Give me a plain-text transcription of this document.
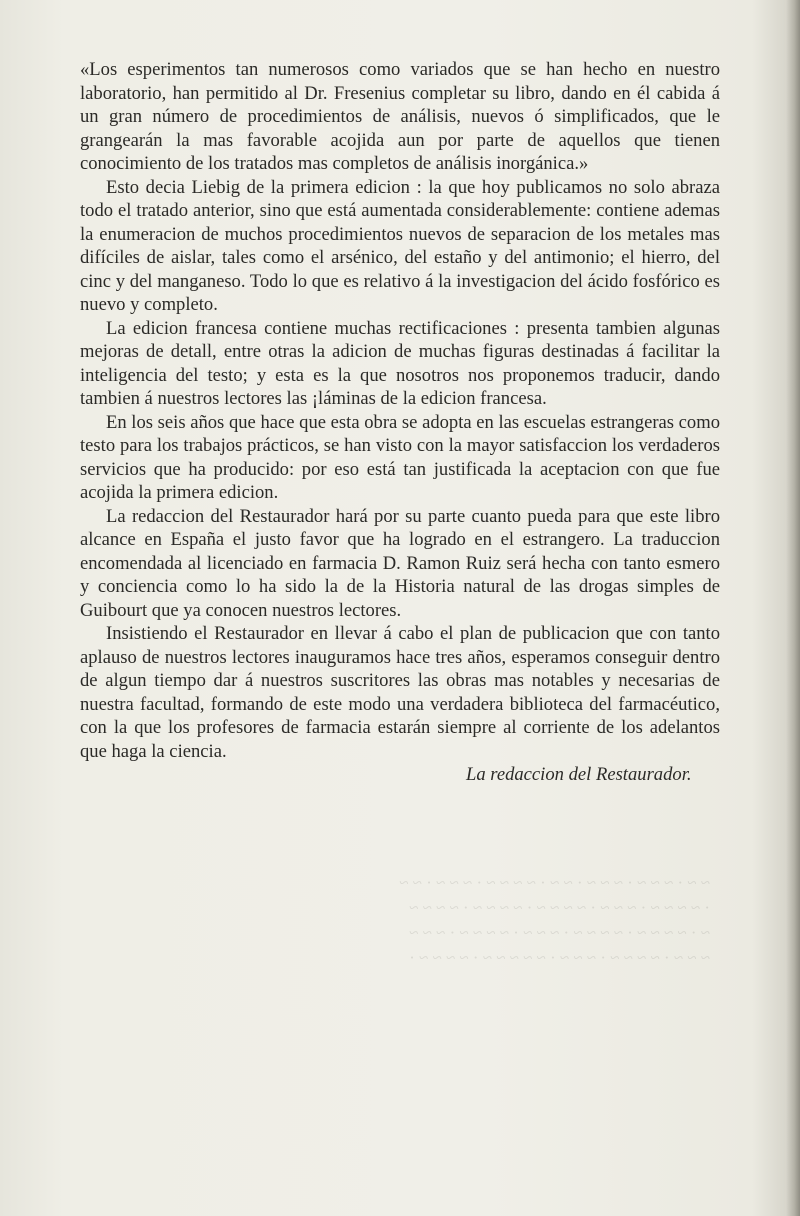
«Los esperimentos tan numerosos como variados que se han hecho en nuestro laboratorio, han permitido al Dr. Fresenius completar su libro, dando en él cabida á un gran número de procedimientos de análisis, nuevos ó simplificados, que le grangearán la mas favorable acojida aun por parte de aquellos que tienen conocimiento de los tratados mas completos de análisis inorgánica.»

Esto decia Liebig de la primera edicion : la que hoy publicamos no solo abraza todo el tratado anterior, sino que está aumentada considerablemente: contiene ademas la enumeracion de muchos procedimientos nuevos de separacion de los metales mas difíciles de aislar, tales como el arsénico, del estaño y del antimonio; el hierro, del cinc y del manganeso. Todo lo que es relativo á la investigacion del ácido fosfórico es nuevo y completo.

La edicion francesa contiene muchas rectificaciones : presenta tambien algunas mejoras de detall, entre otras la adicion de muchas figuras destinadas á facilitar la inteligencia del testo; y esta es la que nosotros nos proponemos traducir, dando tambien á nuestros lectores las ¡láminas de la edicion francesa.

En los seis años que hace que esta obra se adopta en las escuelas estrangeras como testo para los trabajos prácticos, se han visto con la mayor satisfaccion los verdaderos servicios que ha producido: por eso está tan justificada la aceptacion con que fue acojida la primera edicion.

La redaccion del Restaurador hará por su parte cuanto pueda para que este libro alcance en España el justo favor que ha logrado en el estrangero. La traduccion encomendada al licenciado en farmacia D. Ramon Ruiz será hecha con tanto esmero y conciencia como lo ha sido la de la Historia natural de las drogas simples de Guibourt que ya conocen nuestros lectores.

Insistiendo el Restaurador en llevar á cabo el plan de publicacion que con tanto aplauso de nuestros lectores inauguramos hace tres años, esperamos conseguir dentro de algun tiempo dar á nuestros suscritores las obras mas notables y necesarias de nuestra facultad, formando de este modo una verdadera biblioteca del farmacéutico, con la que los profesores de farmacia estarán siempre al corriente de los adelantos que haga la ciencia.

La redaccion del Restaurador.

~ ~ · ~ ~ ~ · ~ ~ ~ · ~ ~ · ~ ~ ~ ~ · ~ ~ ~ · ~ ~
· ~ ~ ~ ~ · ~ ~ ~ · ~ ~ ~ ~ · ~ ~ ~ ~ · ~ ~ ~ ~
~ · ~ ~ ~ ~ · ~ ~ ~ ~ · ~ ~ ~ · ~ ~ ~ ~ · ~ ~ ~
~ ~ ~ · ~ ~ ~ ~ · ~ ~ ~ · ~ ~ ~ ~ ~ · ~ ~ ~ ~ ·
